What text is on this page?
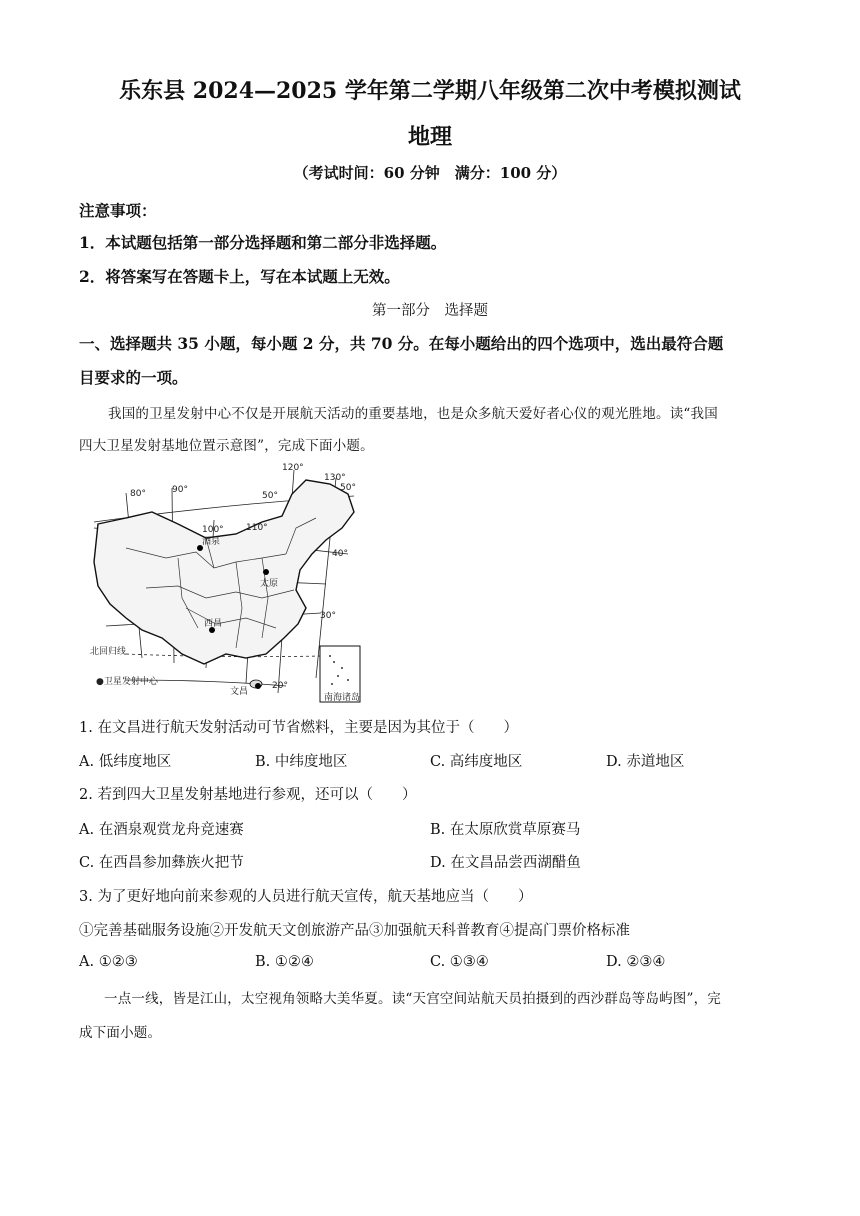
乐东县 2024—2025 学年第二学期八年级第二次中考模拟测试
地理
（考试时间：60 分钟　满分：100 分）
注意事项：
1．本试题包括第一部分选择题和第二部分非选择题。
2．将答案写在答题卡上，写在本试题上无效。
第一部分　选择题
一、选择题共 35 小题，每小题 2 分，共 70 分。在每小题给出的四个选项中，选出最符合题
目要求的一项。
我国的卫星发射中心不仅是开展航天活动的重要基地，也是众多航天爱好者心仪的观光胜地。读“我国
四大卫星发射基地位置示意图”，完成下面小题。
南海诸岛
80°	90°
100° 110°
120°
130°
50°
50°
40°
30°
20°
酒泉
太原
西昌
文昌
北回归线
●卫星发射中心
1. 在文昌进行航天发射活动可节省燃料，主要是因为其位于（　　）
A. 低纬度地区	B. 中纬度地区	C. 高纬度地区	D. 赤道地区
2. 若到四大卫星发射基地进行参观，还可以（　　）
A. 在酒泉观赏龙舟竞速赛	B. 在太原欣赏草原赛马
C. 在西昌参加彝族火把节	D. 在文昌品尝西湖醋鱼
3. 为了更好地向前来参观的人员进行航天宣传，航天基地应当（　　）
①完善基础服务设施②开发航天文创旅游产品③加强航天科普教育④提高门票价格标准
A. ①②③	B. ①②④	C. ①③④	D. ②③④
一点一线，皆是江山，太空视角领略大美华夏。读“天宫空间站航天员拍摄到的西沙群岛等岛屿图”，完
成下面小题。
